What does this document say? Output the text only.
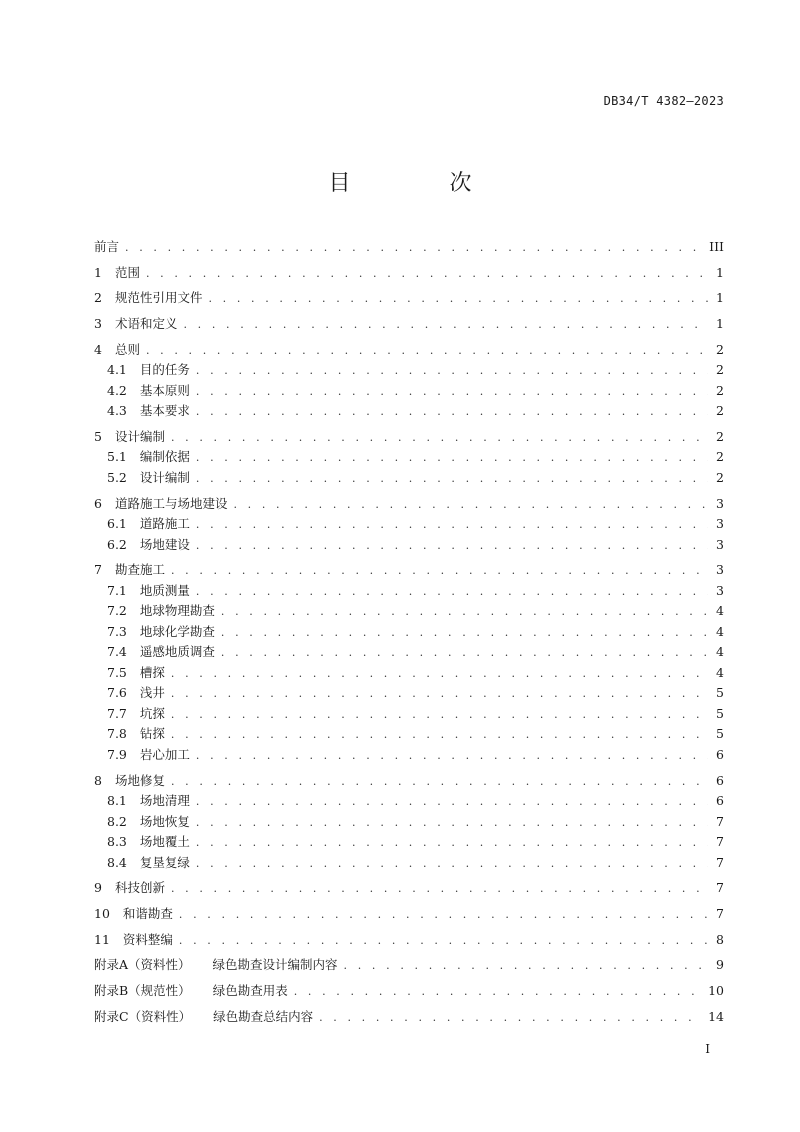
DB34/T 4382—2023
目 次
前言 . . .	III
1 范围 . . .	1
2 规范性引用文件 . . .	1
3 术语和定义 . . .	1
4 总则 . . .	2
4.1 目的任务 . . .	2
4.2 基本原则 . . .	2
4.3 基本要求 . . .	2
5 设计编制 . . .	2
5.1 编制依据 . . .	2
5.2 设计编制 . . .	2
6 道路施工与场地建设 . . .	3
6.1 道路施工 . . .	3
6.2 场地建设 . . .	3
7 勘查施工 . . .	3
7.1 地质测量 . . .	3
7.2 地球物理勘查 . . .	4
7.3 地球化学勘查 . . .	4
7.4 遥感地质调查 . . .	4
7.5 槽探 . . .	4
7.6 浅井 . . .	5
7.7 坑探 . . .	5
7.8 钻探 . . .	5
7.9 岩心加工 . . .	6
8 场地修复 . . .	6
8.1 场地清理 . . .	6
8.2 场地恢复 . . .	7
8.3 场地覆土 . . .	7
8.4 复垦复绿 . . .	7
9 科技创新 . . .	7
10 和谐勘查 . . .	7
11 资料整编 . . .	8
附录A（资料性） 绿色勘查设计编制内容 . . .	9
附录B（规范性） 绿色勘查用表 . . .	10
附录C（资料性） 绿色勘查总结内容 . . .	14
I
